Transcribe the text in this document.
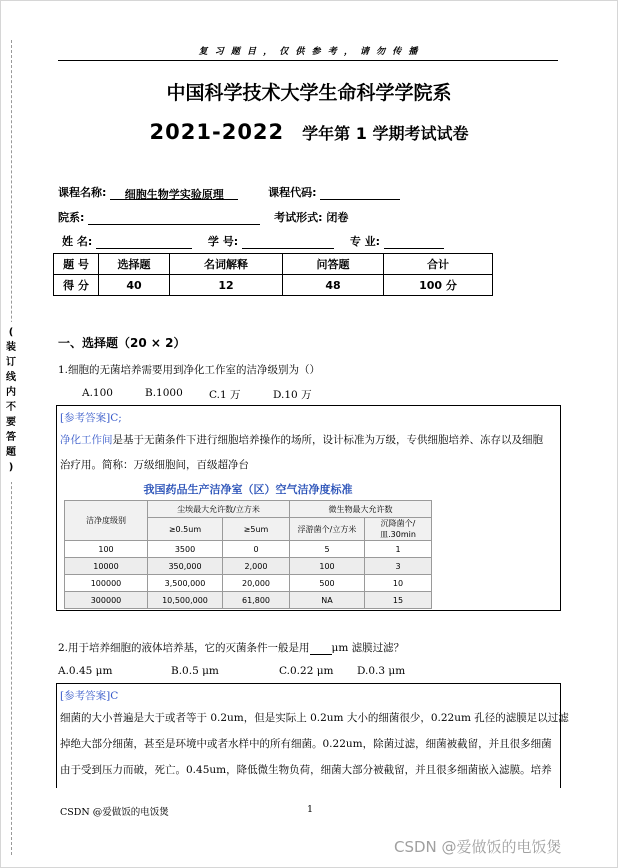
(
装
订
线
内
不
要
答
题
)
复 习 题 目 ， 仅 供 参 考 ， 请 勿 传 播
中国科学技术大学生命科学学院系
2021-2022 学年第 1 学期考试试卷
课程名称: 细胞生物学实验原理	课程代码:
院系:	考试形式: 闭卷
姓 名:	学 号:	专 业:
题 号	选择题	名词解释	问答题	合计
得 分	40	12	48	100 分
一、选择题（20 × 2）
1.细胞的无菌培养需要用到净化工作室的洁净级别为（）
A.100	B.1000 C.1 万	D.10 万
[参考答案]C;
净化工作间是基于无菌条件下进行细胞培养操作的场所，设计标准为万级，专供细胞培养、冻存以及细胞
治疗用。简称：万级细胞间，百级超净台
我国药品生产洁净室（区）空气洁净度标准
洁净度级别	尘埃最大允许数/立方米		微生物最大允许数	
	≥0.5um	≥5um	浮游菌个/立方米	沉降菌个/皿.30min
100	3500	0	5	1
10000	350,000	2,000	100	3
100000	3,500,000	20,000	500	10
300000	10,500,000	61,800	NA	15
2.用于培养细胞的液体培养基，它的灭菌条件一般是用 μm 滤膜过滤？
A.0.45 μm	B.0.5 μm	C.0.22 μm D.0.3 μm
[参考答案]C
细菌的大小普遍是大于或者等于 0.2um，但是实际上 0.2um 大小的细菌很少，0.22um 孔径的滤膜足以过滤
掉绝大部分细菌，甚至是环境中或者水样中的所有细菌。0.22um，除菌过滤，细菌被截留，并且很多细菌
由于受到压力而破，死亡。0.45um，降低微生物负荷，细菌大部分被截留，并且很多细菌嵌入滤膜。培养
CSDN @爱做饭的电饭煲	1
CSDN @爱做饭的电饭煲
